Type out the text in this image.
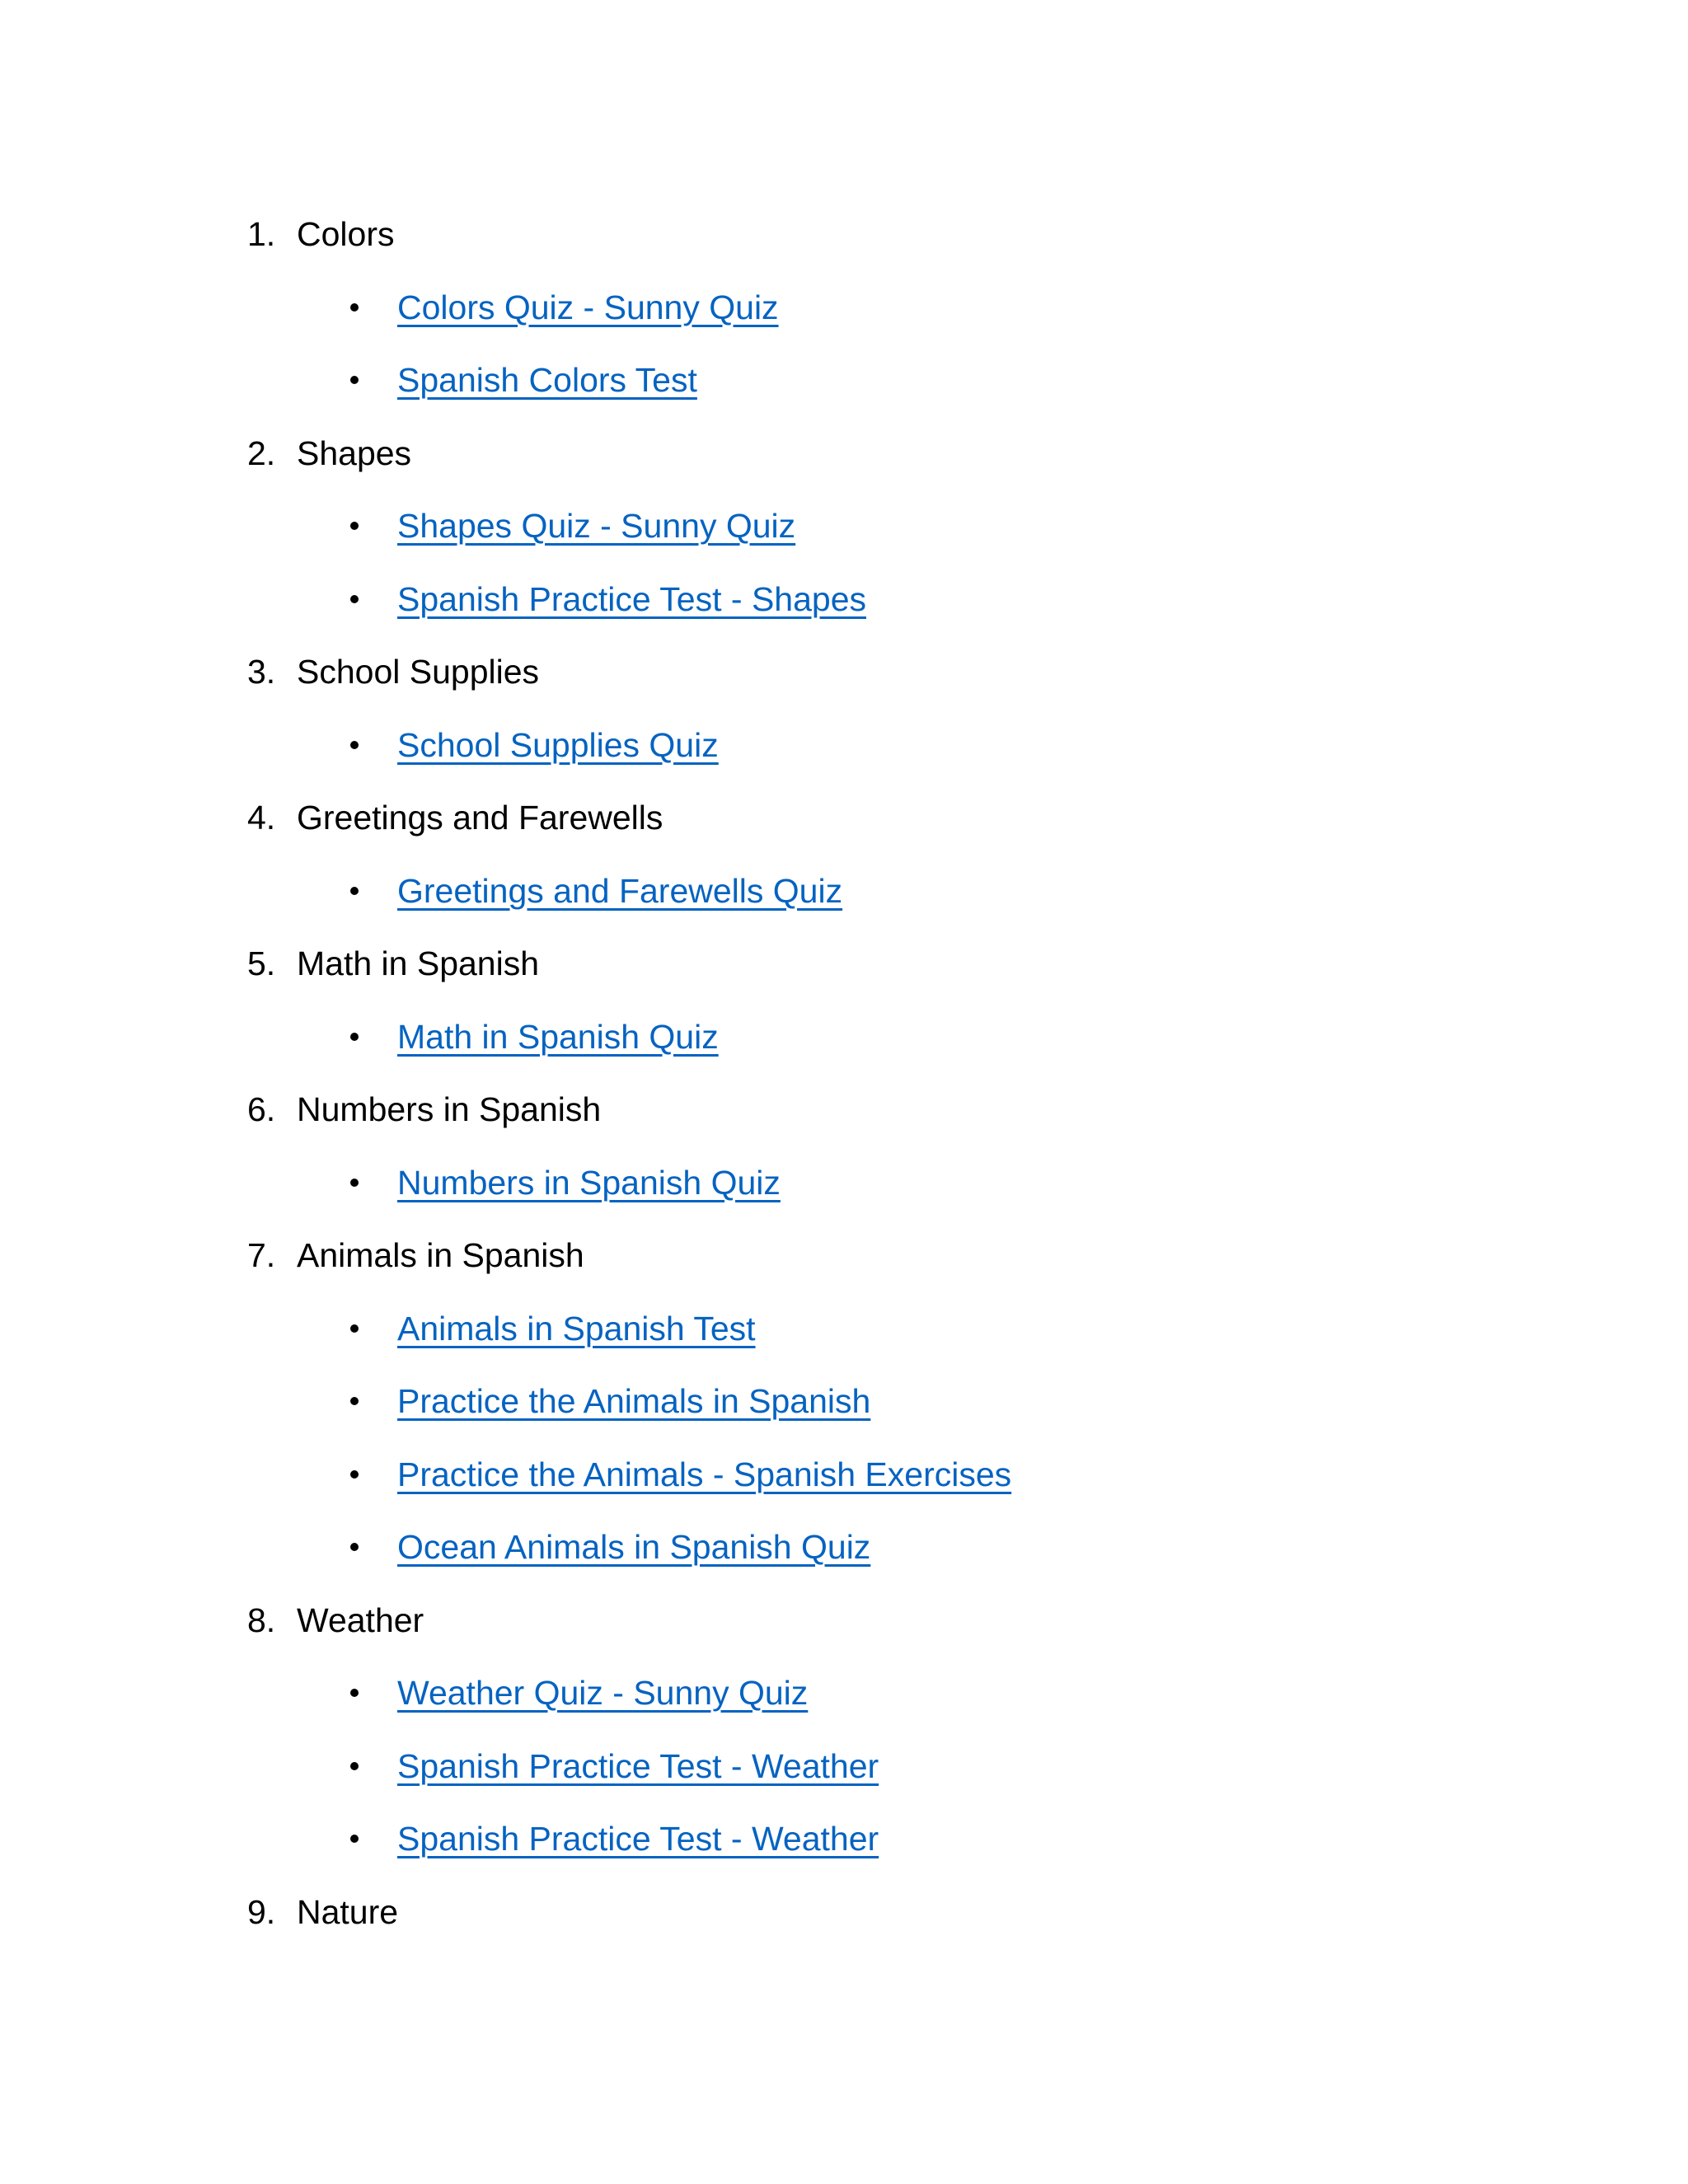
1. Colors
Colors Quiz - Sunny Quiz
Spanish Colors Test
2. Shapes
Shapes Quiz - Sunny Quiz
Spanish Practice Test - Shapes
3. School Supplies
School Supplies Quiz
4. Greetings and Farewells
Greetings and Farewells Quiz
5. Math in Spanish
Math in Spanish Quiz
6. Numbers in Spanish
Numbers in Spanish Quiz
7. Animals in Spanish
Animals in Spanish Test
Practice the Animals in Spanish
Practice the Animals - Spanish Exercises
Ocean Animals in Spanish Quiz
8. Weather
Weather Quiz - Sunny Quiz
Spanish Practice Test - Weather
Spanish Practice Test - Weather
9. Nature
